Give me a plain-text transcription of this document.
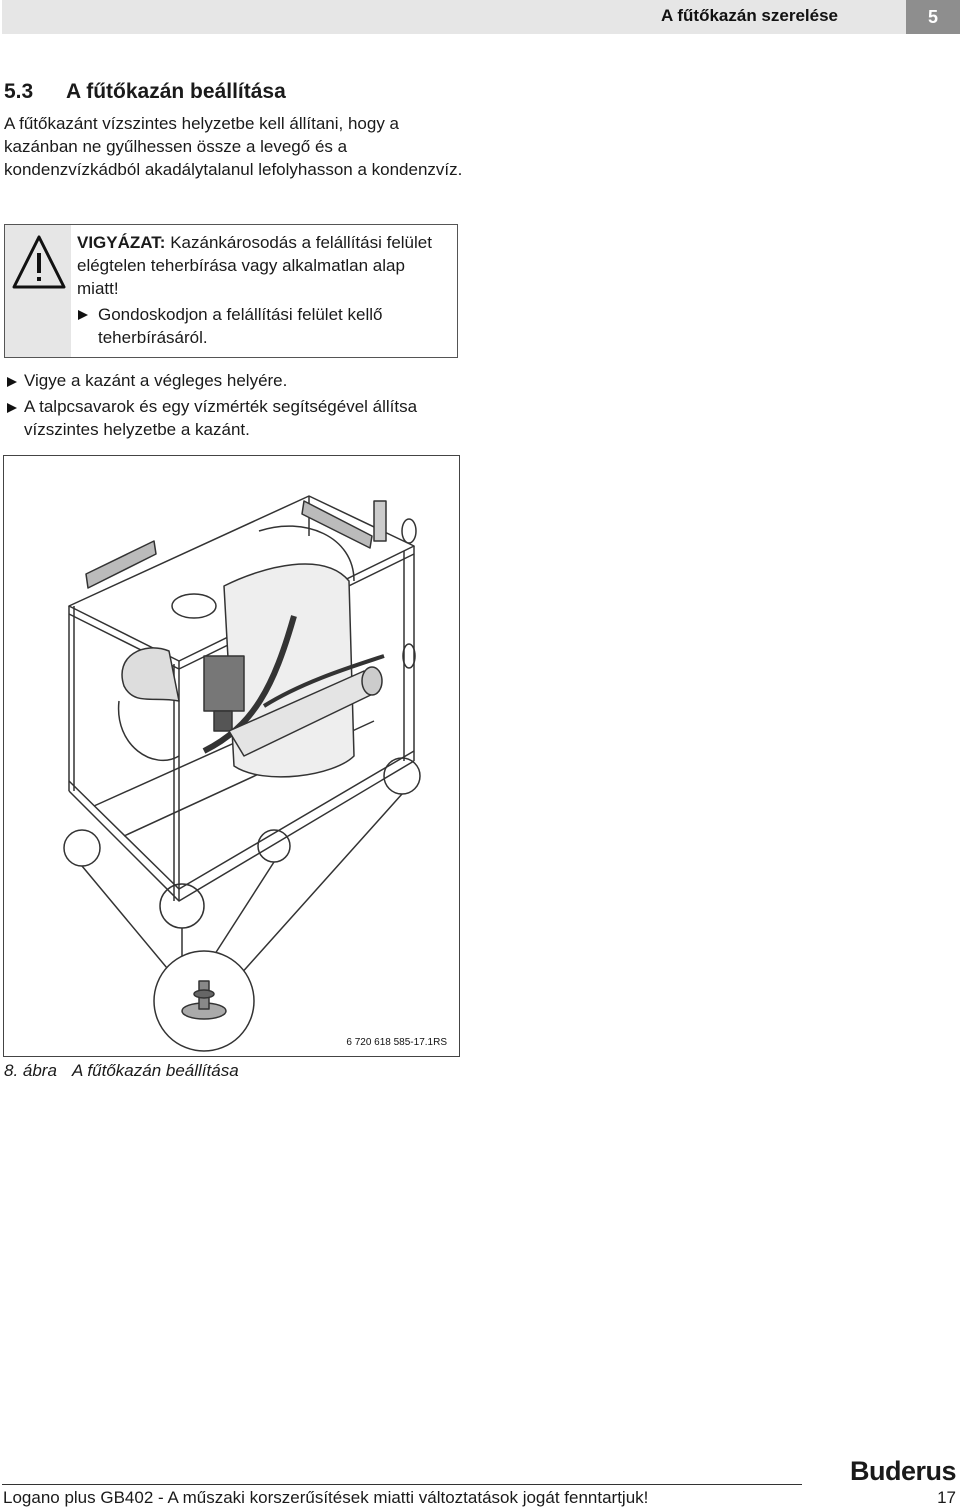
A fűtőkazán szerelése	5
5.3 A fűtőkazán beállítása

A fűtőkazánt vízszintes helyzetbe kell állítani, hogy a kazánban ne gyűlhessen össze a levegő és a kondenzvízkádból akadálytalanul lefolyhasson a kondenzvíz.

VIGYÁZAT: Kazánkárosodás a felállítási felület elégtelen teherbírása vagy alkalmatlan alap miatt!
Gondoskodjon a felállítási felület kellő teherbírásáról.
Vigye a kazánt a végleges helyére.
A talpcsavarok és egy vízmérték segítségével állítsa vízszintes helyzetbe a kazánt.
6 720 618 585-17.1RS
8. ábra A fűtőkazán beállítása
Buderus
Logano plus GB402 - A műszaki korszerűsítések miatti változtatások jogát fenntartjuk!	17
